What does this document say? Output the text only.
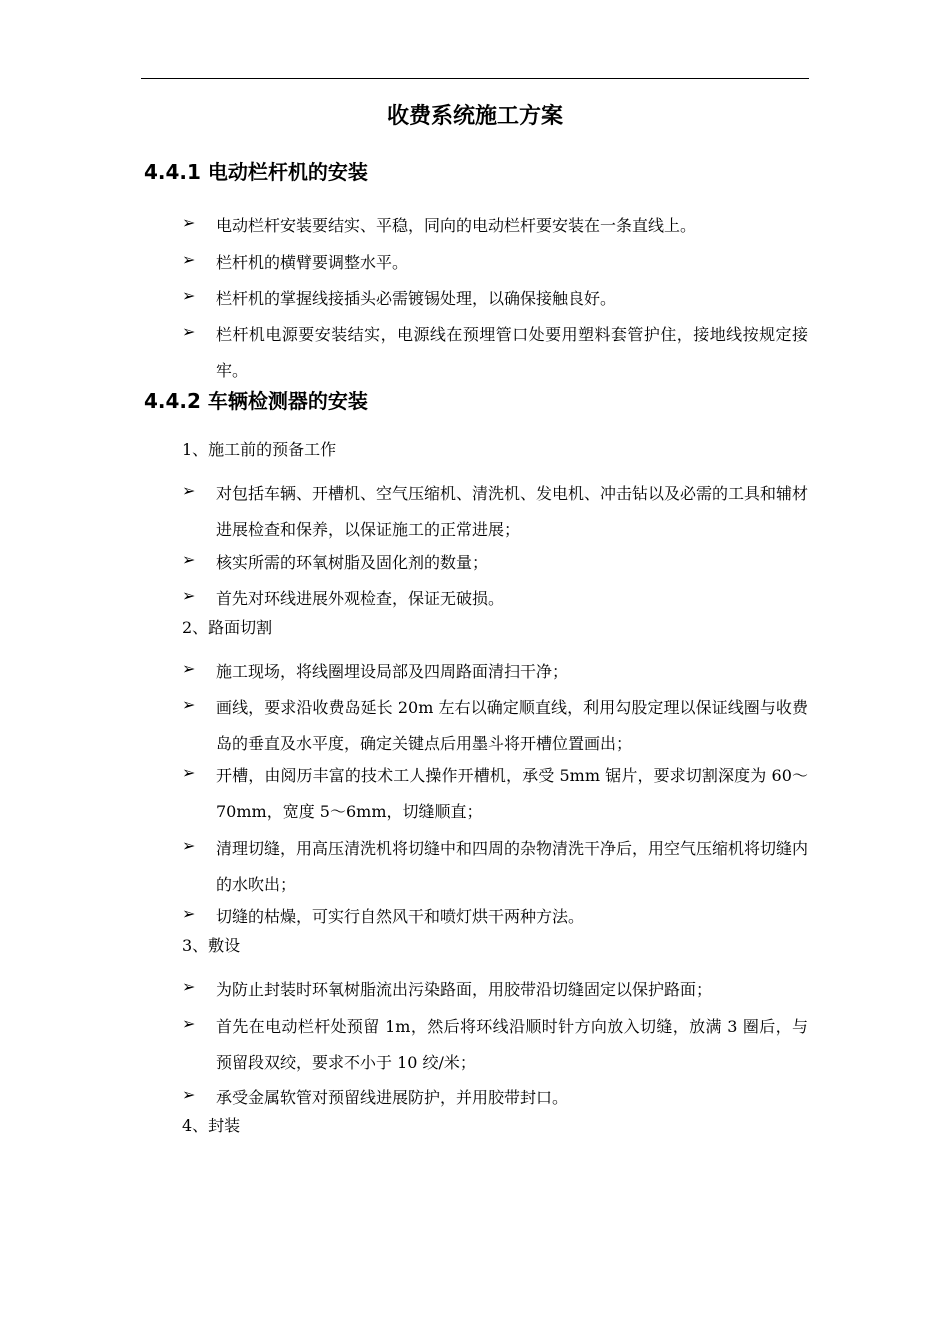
收费系统施工方案
4.4.1 电动栏杆机的安装
➢	电动栏杆安装要结实、平稳，同向的电动栏杆要安装在一条直线上。
➢	栏杆机的横臂要调整水平。
➢	栏杆机的掌握线接插头必需镀锡处理，以确保接触良好。
➢	栏杆机电源要安装结实，电源线在预埋管口处要用塑料套管护住，接地线按规定接牢。
4.4.2 车辆检测器的安装
1、施工前的预备工作
➢	对包括车辆、开槽机、空气压缩机、清洗机、发电机、冲击钻以及必需的工具和辅材进展检查和保养，以保证施工的正常进展；
➢	核实所需的环氧树脂及固化剂的数量；
➢	首先对环线进展外观检查，保证无破损。
2、路面切割
➢	施工现场，将线圈埋设局部及四周路面清扫干净；
➢	画线，要求沿收费岛延长 20m 左右以确定顺直线，利用勾股定理以保证线圈与收费岛的垂直及水平度，确定关键点后用墨斗将开槽位置画出；
➢	开槽，由阅历丰富的技术工人操作开槽机，承受 5mm 锯片，要求切割深度为 60～70mm，宽度 5～6mm，切缝顺直；
➢	清理切缝，用高压清洗机将切缝中和四周的杂物清洗干净后，用空气压缩机将切缝内的水吹出；
➢	切缝的枯燥，可实行自然风干和喷灯烘干两种方法。
3、敷设
➢	为防止封装时环氧树脂流出污染路面，用胶带沿切缝固定以保护路面；
➢	首先在电动栏杆处预留 1m，然后将环线沿顺时针方向放入切缝，放满 3 圈后，与预留段双绞，要求不小于 10 绞/米；
➢	承受金属软管对预留线进展防护，并用胶带封口。
4、封装
